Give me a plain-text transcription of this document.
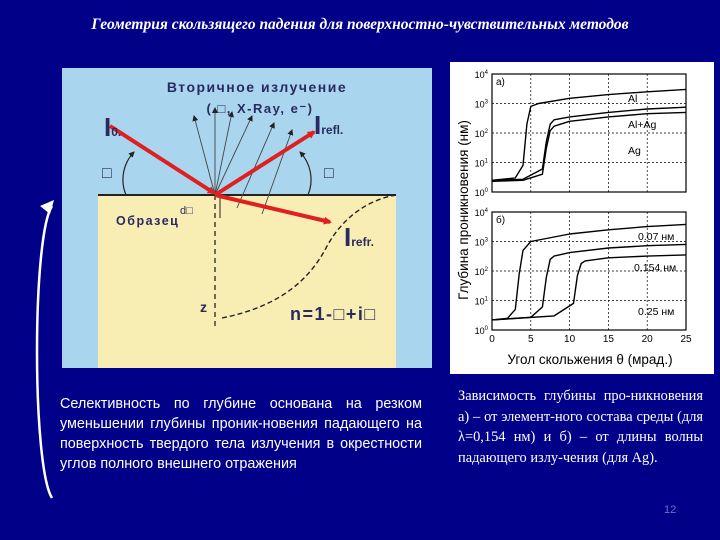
Геометрия скользящего падения для поверхностно-чувствительных методов
Вторичное излучение
( □, X-Ray, e⁻)
I0.	Irefl.
Irefr.
□	□
Образец
d□
z	n=1-□+i□
Глубина проникновения (нм)
Угол скольжения θ (мрад.)
$10^4$
$10^3$
$10^2$
$10^1$
$10^0$
а)
Al
Al+Ag
Ag
$10^4$
$10^3$
$10^2$
$10^1$
$10^0$
0	5	10	15	20	25
б)
0.07 нм
0.154 нм
0.25 нм
Селективность по глубине основана на резком уменьшении глубины проник-новения падающего на поверхность твердого тела излучения в окрестности углов полного внешнего отражения
Зависимость глубины про-никновения а) – от элемент-ного состава среды (для λ=0,154 нм) и б) – от длины волны падающего излу-чения (для Ag).
12
